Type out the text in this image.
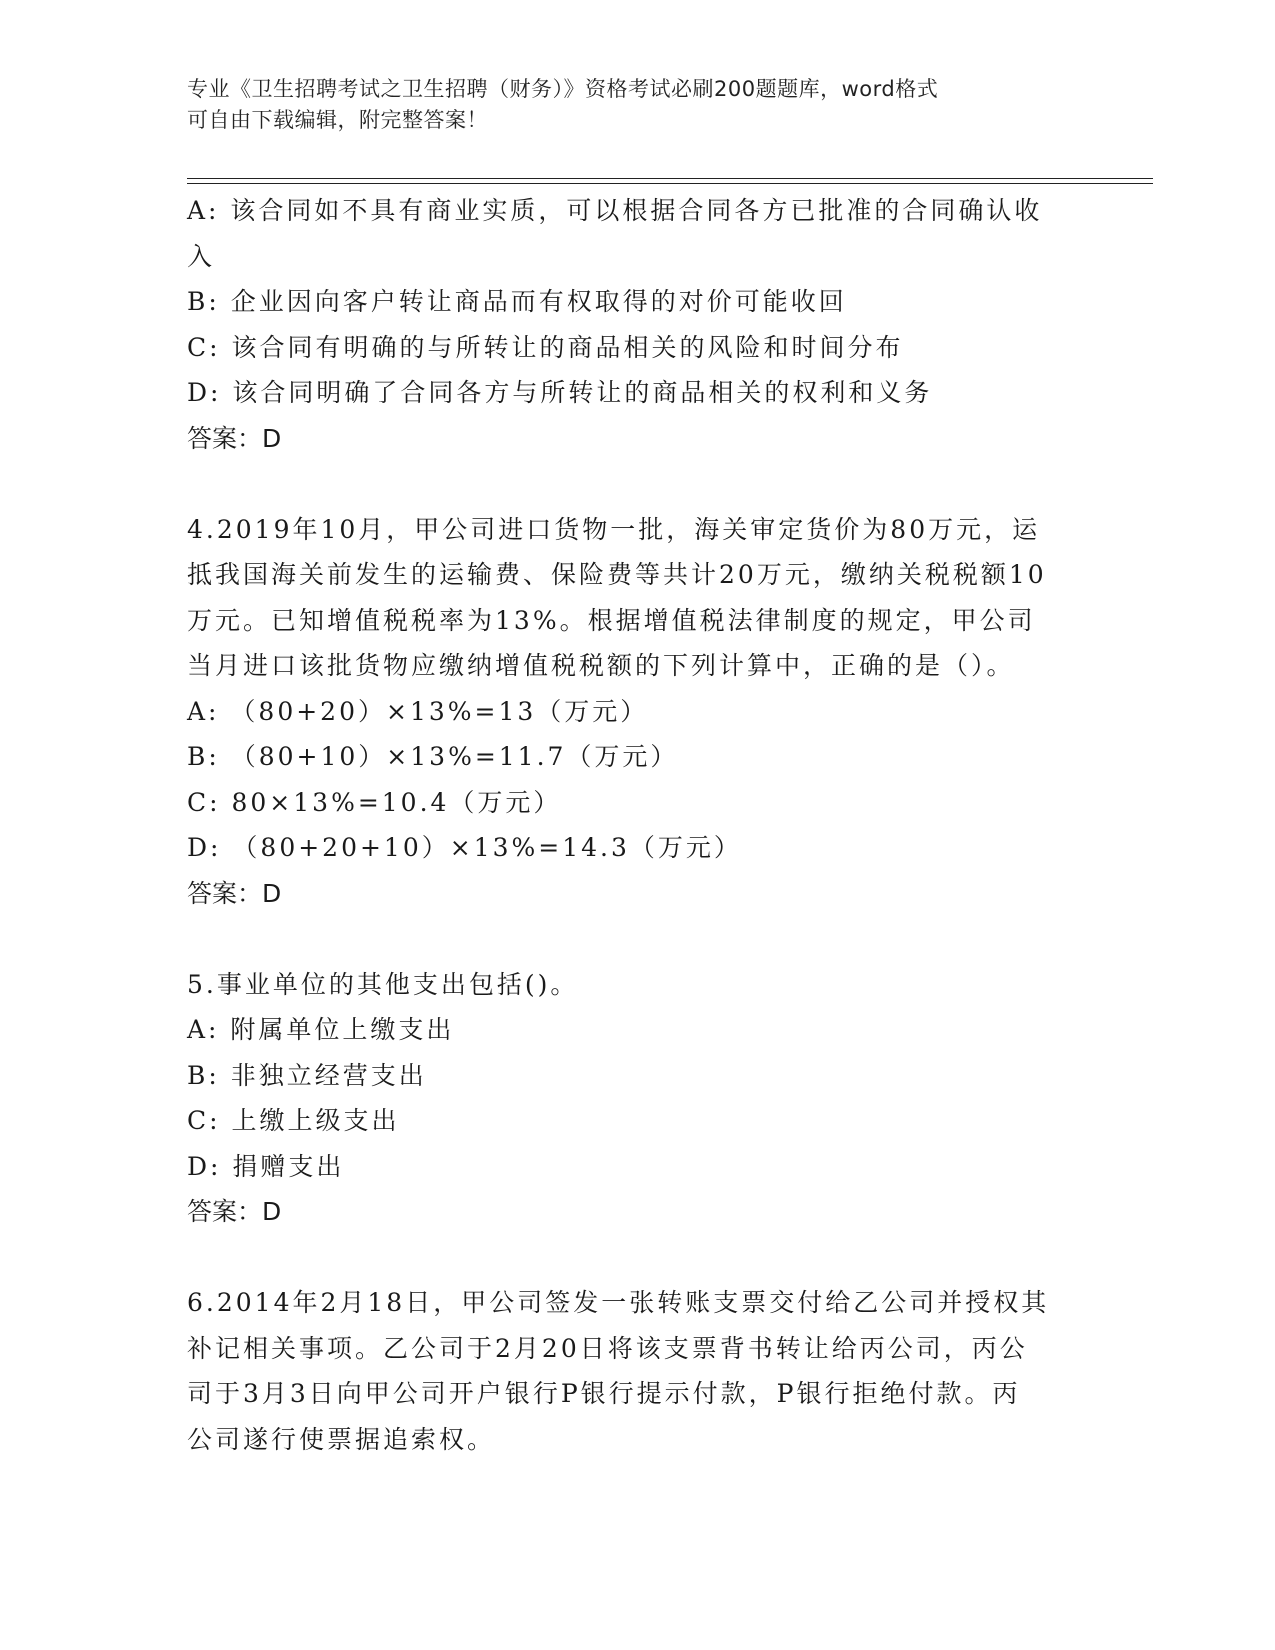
专业《卫生招聘考试之卫生招聘（财务）》资格考试必刷200题题库，word格式
可自由下载编辑，附完整答案！
A: 该合同如不具有商业实质，可以根据合同各方已批准的合同确认收
入
B: 企业因向客户转让商品而有权取得的对价可能收回
C: 该合同有明确的与所转让的商品相关的风险和时间分布
D: 该合同明确了合同各方与所转让的商品相关的权利和义务
答案：D
4.2019年10月，甲公司进口货物一批，海关审定货价为80万元，运
抵我国海关前发生的运输费、保险费等共计20万元，缴纳关税税额10
万元。已知增值税税率为13%。根据增值税法律制度的规定，甲公司
当月进口该批货物应缴纳增值税税额的下列计算中，正确的是（）。
A: （80+20）×13%=13（万元）
B: （80+10）×13%=11.7（万元）
C: 80×13%=10.4（万元）
D: （80+20+10）×13%=14.3（万元）
答案：D
5.事业单位的其他支出包括()。
A: 附属单位上缴支出
B: 非独立经营支出
C: 上缴上级支出
D: 捐赠支出
答案：D
6.2014年2月18日，甲公司签发一张转账支票交付给乙公司并授权其
补记相关事项。乙公司于2月20日将该支票背书转让给丙公司，丙公
司于3月3日向甲公司开户银行P银行提示付款，P银行拒绝付款。丙
公司遂行使票据追索权。
